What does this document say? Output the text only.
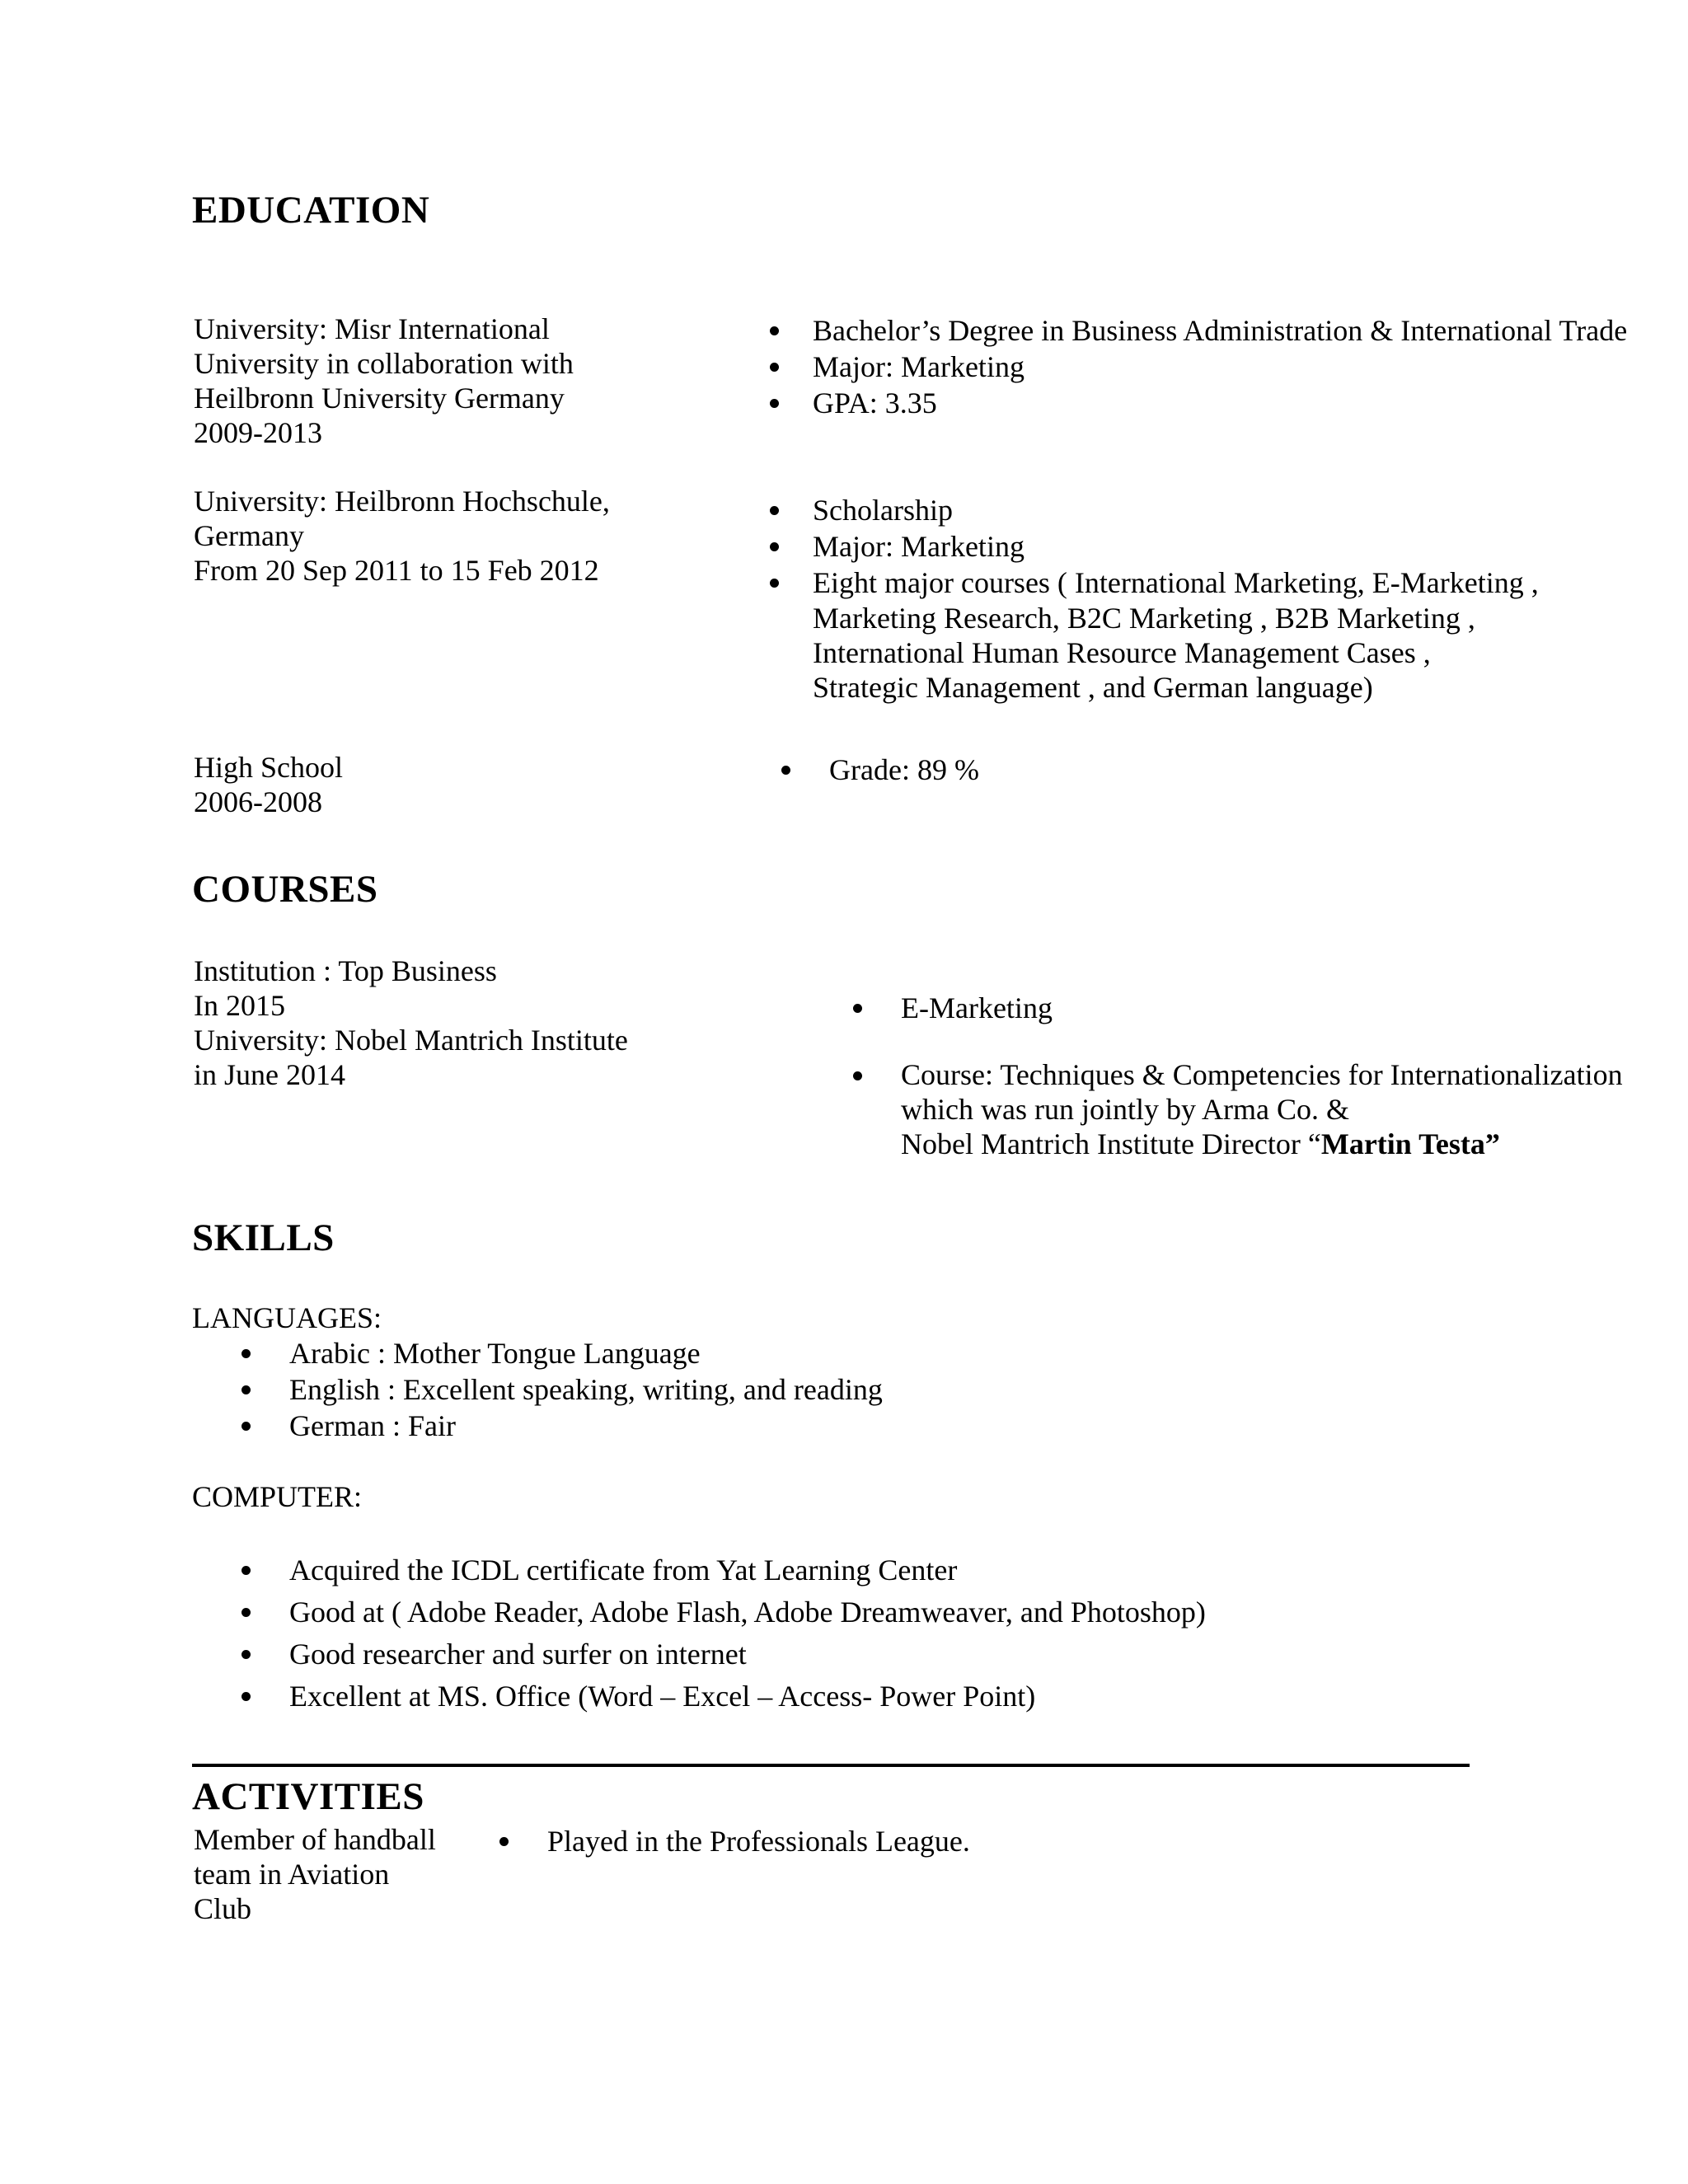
EDUCATION
University: Misr International
University in collaboration with
Heilbronn University Germany
2009-2013
Bachelor’s Degree in Business Administration & International Trade
Major: Marketing
GPA: 3.35
University: Heilbronn Hochschule,
Germany
From 20 Sep 2011 to 15 Feb 2012
Scholarship
Major: Marketing
Eight major courses ( International Marketing, E-Marketing ,
Marketing Research, B2C Marketing , B2B Marketing ,
International Human Resource Management Cases ,
Strategic Management , and German language)
High School
2006-2008
Grade: 89 %
COURSES
Institution : Top Business
In 2015
University: Nobel Mantrich Institute
in June 2014
E-Marketing
Course: Techniques & Competencies for Internationalization
which was run jointly by Arma Co. &
Nobel Mantrich Institute Director “Martin Testa”
SKILLS
LANGUAGES:
Arabic : Mother Tongue Language
English : Excellent speaking, writing, and reading
German : Fair
COMPUTER:
Acquired the ICDL certificate from Yat Learning Center
Good at ( Adobe Reader, Adobe Flash, Adobe Dreamweaver, and Photoshop)
Good researcher and surfer on internet
Excellent at MS. Office (Word – Excel – Access- Power Point)
ACTIVITIES
Member of handball
team in Aviation
Club
Played in the Professionals League.
